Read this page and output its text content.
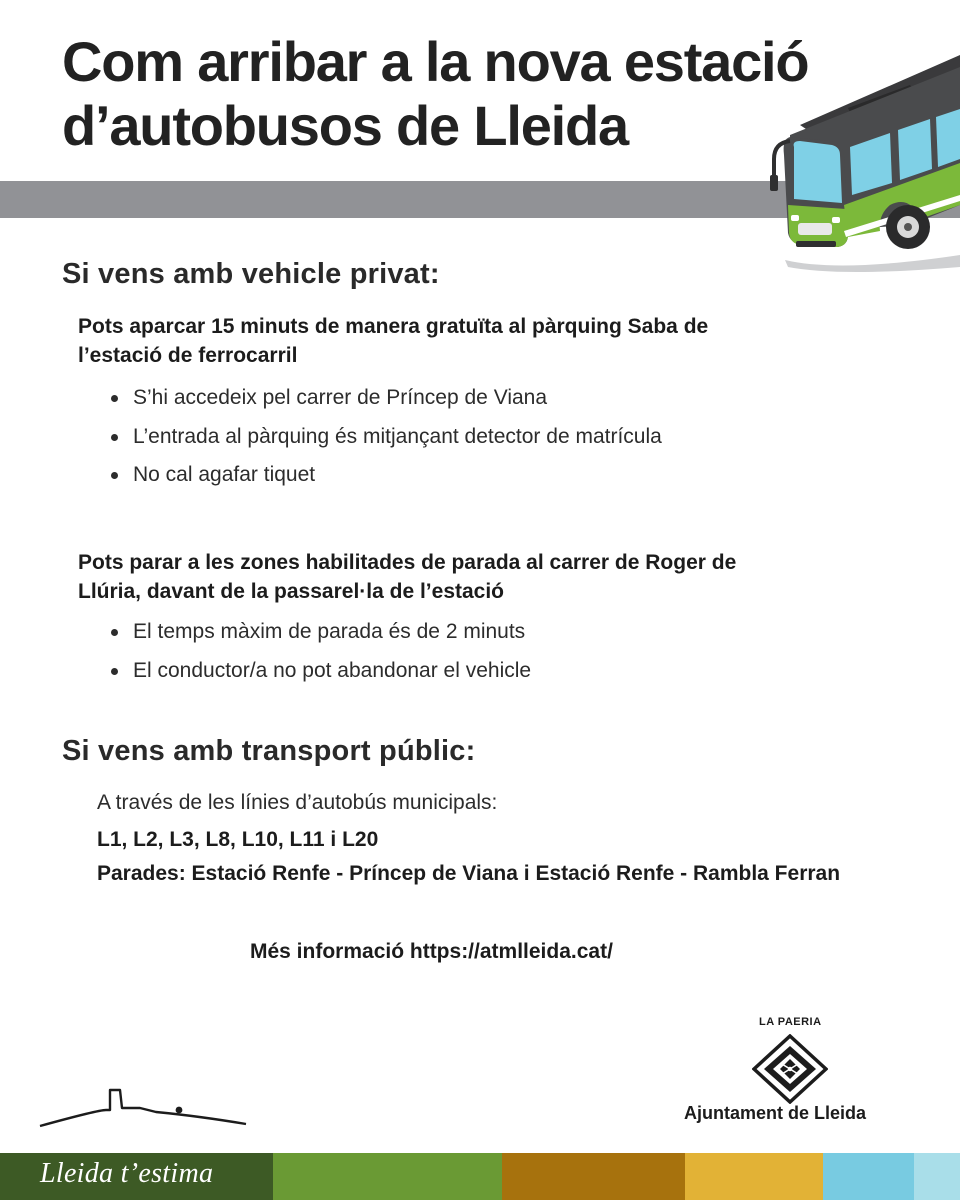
Com arribar a la nova estació
d’autobusos de Lleida
Si vens amb vehicle privat:

Pots aparcar 15 minuts de manera gratuïta al pàrquing Saba de
l’estació de ferrocarril

S’hi accedeix pel carrer de Príncep de Viana
L’entrada al pàrquing és mitjançant detector de matrícula
No cal agafar tiquet

Pots parar a les zones habilitades de parada al carrer de Roger de
Llúria, davant de la passarel·la de l’estació

El temps màxim de parada és de 2 minuts
El conductor/a no pot abandonar el vehicle
Si vens amb transport públic:

A través de les línies d’autobús municipals:

L1, L2, L3, L8, L10, L11 i L20

Parades: Estació Renfe - Príncep de Viana i Estació Renfe - Rambla Ferran

Més informació https://atmlleida.cat/

LA PAERIA
Ajuntament de Lleida
Lleida t’estima
